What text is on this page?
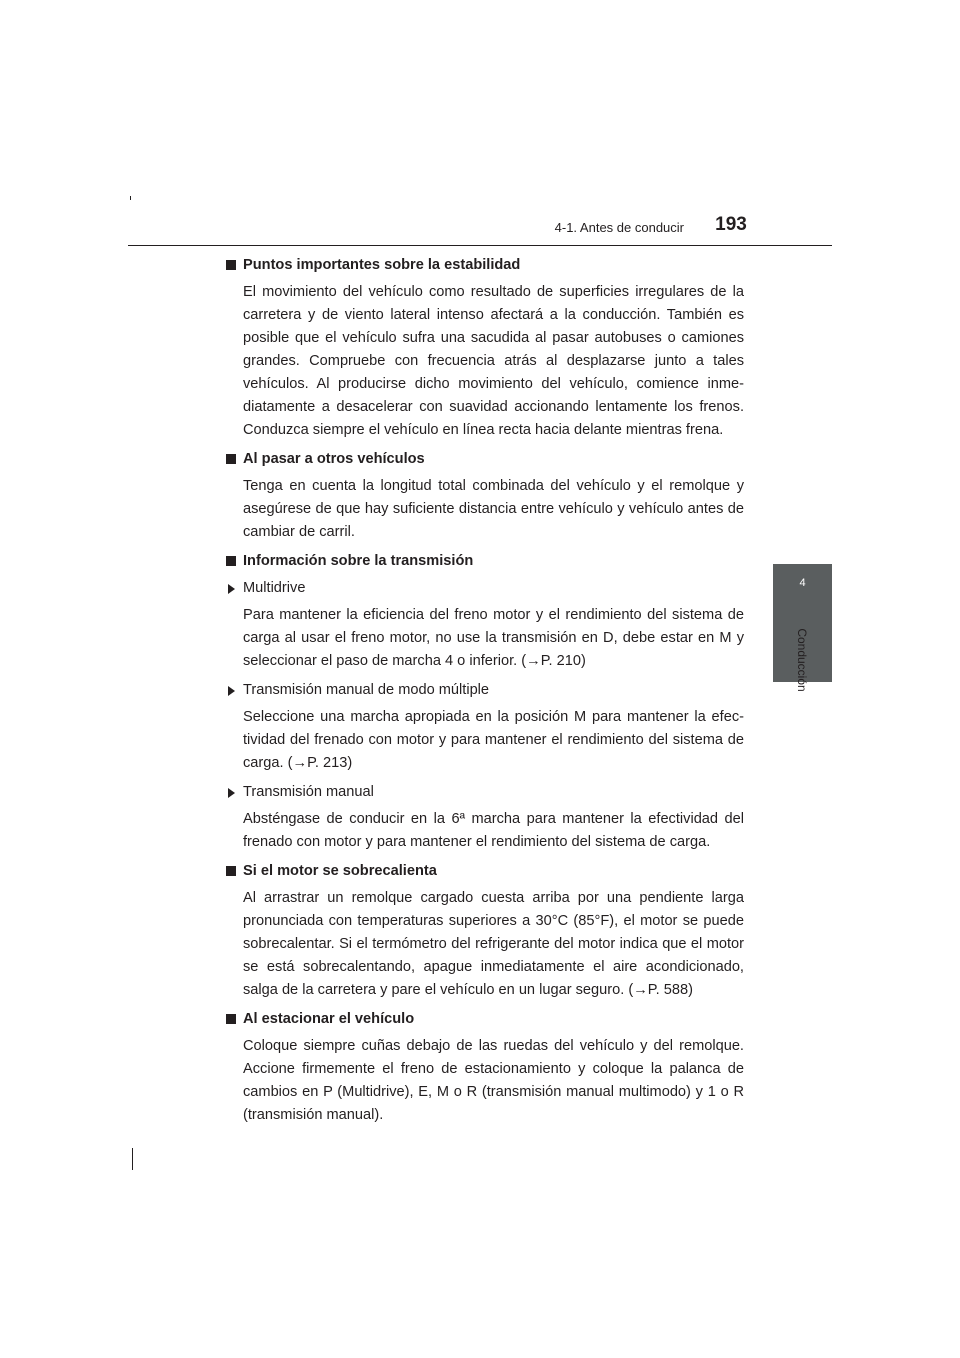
4-1. Antes de conducir	193
4
Conducción
Puntos importantes sobre la estabilidad

El movimiento del vehículo como resultado de superficies irregulares de la carretera y de viento lateral intenso afectará a la conducción. También es posible que el vehículo sufra una sacudida al pasar autobuses o camiones grandes. Compruebe con frecuencia atrás al desplazarse junto a tales vehículos. Al producirse dicho movimiento del vehículo, comience inme-diatamente a desacelerar con suavidad accionando lentamente los frenos. Conduzca siempre el vehículo en línea recta hacia delante mientras frena.

Al pasar a otros vehículos

Tenga en cuenta la longitud total combinada del vehículo y el remolque y asegúrese de que hay suficiente distancia entre vehículo y vehículo antes de cambiar de carril.

Información sobre la transmisión
Multidrive

Para mantener la eficiencia del freno motor y el rendimiento del sistema de carga al usar el freno motor, no use la transmisión en D, debe estar en M y seleccionar el paso de marcha 4 o inferior. (→P. 210)

Transmisión manual de modo múltiple

Seleccione una marcha apropiada en la posición M para mantener la efec-tividad del frenado con motor y para mantener el rendimiento del sistema de carga. (→P. 213)

Transmisión manual

Absténgase de conducir en la 6ª marcha para mantener la efectividad del frenado con motor y para mantener el rendimiento del sistema de carga.

Si el motor se sobrecalienta

Al arrastrar un remolque cargado cuesta arriba por una pendiente larga pronunciada con temperaturas superiores a 30°C (85°F), el motor se puede sobrecalentar. Si el termómetro del refrigerante del motor indica que el motor se está sobrecalentando, apague inmediatamente el aire acondicionado, salga de la carretera y pare el vehículo en un lugar seguro. (→P. 588)

Al estacionar el vehículo

Coloque siempre cuñas debajo de las ruedas del vehículo y del remolque. Accione firmemente el freno de estacionamiento y coloque la palanca de cambios en P (Multidrive), E, M o R (transmisión manual multimodo) y 1 o R (transmisión manual).
